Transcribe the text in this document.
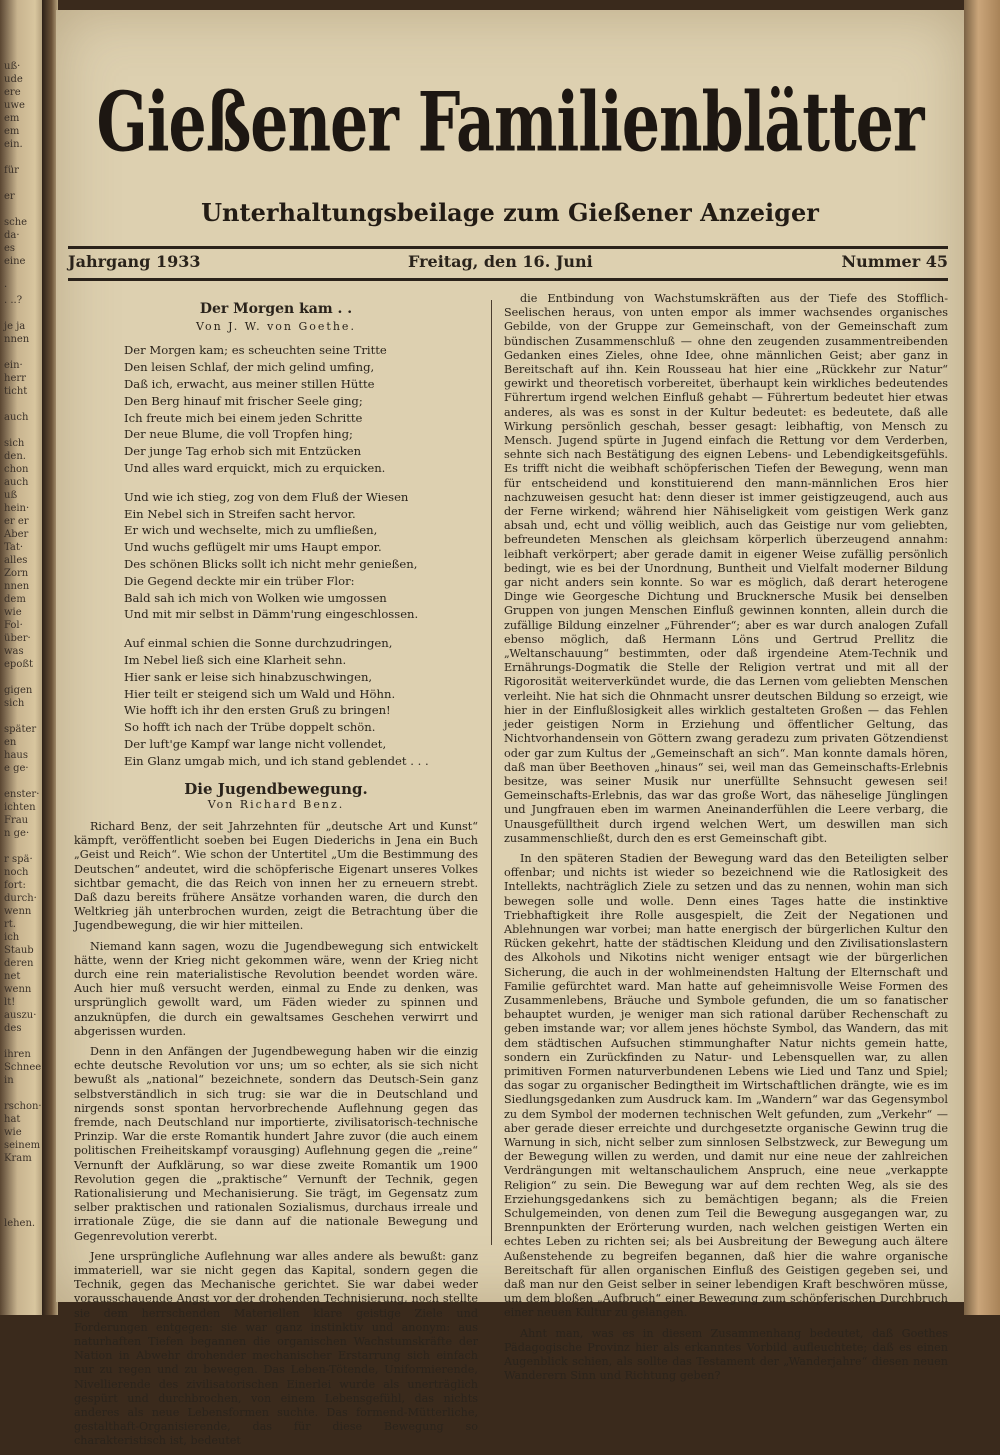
uß·
ude
ere
uwe
em
em
ein.

für

er

sche
da·
es
eine

·
. ..?

je ja
nnen

ein·
herr
ticht

auch

sich
den.
chon
auch
uß
hein·
er er
Aber
Tat·
alles
Zorn
nnen
dem
wie
Fol·
über·
was
epoßt

gigen
sich

später
en
haus
e ge·

enster·
ichten
Frau
n ge·

r spä·
noch
fort:
durch·
wenn
rt.
ich
Staub
deren
net
wenn
lt!
auszu·
des

ihren
Schnee
in

rschon·
hat
wie
seinem
Kram

lehen.
Gießener Familienblätter
Unterhaltungsbeilage zum Gießener Anzeiger
Jahrgang 1933	Freitag, den 16. Juni	Nummer 45
Der Morgen kam . .
Von J. W. von Goethe.
Der Morgen kam; es scheuchten seine Tritte
Den leisen Schlaf, der mich gelind umfing,
Daß ich, erwacht, aus meiner stillen Hütte
Den Berg hinauf mit frischer Seele ging;
Ich freute mich bei einem jeden Schritte
Der neue Blume, die voll Tropfen hing;
Der junge Tag erhob sich mit Entzücken
Und alles ward erquickt, mich zu erquicken.
Und wie ich stieg, zog von dem Fluß der Wiesen
Ein Nebel sich in Streifen sacht hervor.
Er wich und wechselte, mich zu umfließen,
Und wuchs geflügelt mir ums Haupt empor.
Des schönen Blicks sollt ich nicht mehr genießen,
Die Gegend deckte mir ein trüber Flor:
Bald sah ich mich von Wolken wie umgossen
Und mit mir selbst in Dämm'rung eingeschlossen.
Auf einmal schien die Sonne durchzudringen,
Im Nebel ließ sich eine Klarheit sehn.
Hier sank er leise sich hinabzuschwingen,
Hier teilt er steigend sich um Wald und Höhn.
Wie hofft ich ihr den ersten Gruß zu bringen!
So hofft ich nach der Trübe doppelt schön.
Der luft'ge Kampf war lange nicht vollendet,
Ein Glanz umgab mich, und ich stand geblendet . . .
Die Jugendbewegung.
Von Richard Benz.

Richard Benz, der seit Jahrzehnten für „deutsche Art und Kunst“ kämpft, veröffentlicht soeben bei Eugen Diederichs in Jena ein Buch „Geist und Reich“. Wie schon der Untertitel „Um die Bestimmung des Deutschen“ andeutet, wird die schöpferische Eigenart unseres Volkes sichtbar gemacht, die das Reich von innen her zu erneuern strebt. Daß dazu bereits frühere Ansätze vorhanden waren, die durch den Weltkrieg jäh unterbrochen wurden, zeigt die Betrachtung über die Jugendbewegung, die wir hier mitteilen.

Niemand kann sagen, wozu die Jugendbewegung sich entwickelt hätte, wenn der Krieg nicht gekommen wäre, wenn der Krieg nicht durch eine rein materialistische Revolution beendet worden wäre. Auch hier muß versucht werden, einmal zu Ende zu denken, was ursprünglich gewollt ward, um Fäden wieder zu spinnen und anzuknüpfen, die durch ein gewaltsames Geschehen verwirrt und abgerissen wurden.

Denn in den Anfängen der Jugendbewegung haben wir die einzig echte deutsche Revolution vor uns; um so echter, als sie sich nicht bewußt als „national“ bezeichnete, sondern das Deutsch-Sein ganz selbstverständlich in sich trug: sie war die in Deutschland und nirgends sonst spontan hervorbrechende Auflehnung gegen das fremde, nach Deutschland nur importierte, zivilisatorisch-technische Prinzip. War die erste Romantik hundert Jahre zuvor (die auch einem politischen Freiheitskampf vorausging) Auflehnung gegen die „reine“ Vernunft der Aufklärung, so war diese zweite Romantik um 1900 Revolution gegen die „praktische“ Vernunft der Technik, gegen Rationalisierung und Mechanisierung. Sie trägt, im Gegensatz zum selber praktischen und rationalen Sozialismus, durchaus irreale und irrationale Züge, die sie dann auf die nationale Bewegung und Gegenrevolution vererbt.

Jene ursprüngliche Auflehnung war alles andere als bewußt: ganz immateriell, war sie nicht gegen das Kapital, sondern gegen die Technik, gegen das Mechanische gerichtet. Sie war dabei weder vorausschauende Angst vor der drohenden Technisierung, noch stellte sie dem herrschenden Materiellen klare geistige Ziele und Forderungen entgegen: sie war ganz instinktiv und anonym: aus naturhaften Tiefen begannen die organischen Wachstumskräfte der Nation in Abwehr drohender mechanischer Erstarrung sich einfach nur zu regen und zu bewegen. Das Leben-Tötende, Uniformierende, Nivellierende des zivilisatorischen Einerlei wurde als unerträglich gespürt und durchbrochen, von einem Lebensgefühl, das nichts anderes als neue Lebensformen suchte. Das formend-Mütterliche, gestalthaft-Organisierende, das für diese Bewegung so charakteristisch ist, bedeutet

die Entbindung von Wachstumskräften aus der Tiefe des Stofflich-Seelischen heraus, von unten empor als immer wachsendes organisches Gebilde, von der Gruppe zur Gemeinschaft, von der Gemeinschaft zum bündischen Zusammenschluß — ohne den zeugenden zusammentreibenden Gedanken eines Zieles, ohne Idee, ohne männlichen Geist; aber ganz in Bereitschaft auf ihn. Kein Rousseau hat hier eine „Rückkehr zur Natur“ gewirkt und theoretisch vorbereitet, überhaupt kein wirkliches bedeutendes Führertum irgend welchen Einfluß gehabt — Führertum bedeutet hier etwas anderes, als was es sonst in der Kultur bedeutet: es bedeutete, daß alle Wirkung persönlich geschah, besser gesagt: leibhaftig, von Mensch zu Mensch. Jugend spürte in Jugend einfach die Rettung vor dem Verderben, sehnte sich nach Bestätigung des eignen Lebens- und Lebendigkeitsgefühls. Es trifft nicht die weibhaft schöpferischen Tiefen der Bewegung, wenn man für entscheidend und konstituierend den mann-männlichen Eros hier nachzuweisen gesucht hat: denn dieser ist immer geistigzeugend, auch aus der Ferne wirkend; während hier Nähiseligkeit vom geistigen Werk ganz absah und, echt und völlig weiblich, auch das Geistige nur vom geliebten, befreundeten Menschen als gleichsam körperlich überzeugend annahm: leibhaft verkörpert; aber gerade damit in eigener Weise zufällig persönlich bedingt, wie es bei der Unordnung, Buntheit und Vielfalt moderner Bildung gar nicht anders sein konnte. So war es möglich, daß derart heterogene Dinge wie Georgesche Dichtung und Brucknersche Musik bei denselben Gruppen von jungen Menschen Einfluß gewinnen konnten, allein durch die zufällige Bildung einzelner „Führender“; aber es war durch analogen Zufall ebenso möglich, daß Hermann Löns und Gertrud Prellitz die „Weltanschauung“ bestimmten, oder daß irgendeine Atem-Technik und Ernährungs-Dogmatik die Stelle der Religion vertrat und mit all der Rigorosität weiterverkündet wurde, die das Lernen vom geliebten Menschen verleiht. Nie hat sich die Ohnmacht unsrer deutschen Bildung so erzeigt, wie hier in der Einflußlosigkeit alles wirklich gestalteten Großen — das Fehlen jeder geistigen Norm in Erziehung und öffentlicher Geltung, das Nichtvorhandensein von Göttern zwang geradezu zum privaten Götzendienst oder gar zum Kultus der „Gemeinschaft an sich“. Man konnte damals hören, daß man über Beethoven „hinaus“ sei, weil man das Gemeinschafts-Erlebnis besitze, was seiner Musik nur unerfüllte Sehnsucht gewesen sei! Gemeinschafts-Erlebnis, das war das große Wort, das näheselige Jünglingen und Jungfrauen eben im warmen Aneinanderfühlen die Leere verbarg, die Unausgefülltheit durch irgend welchen Wert, um deswillen man sich zusammenschließt, durch den es erst Gemeinschaft gibt.

In den späteren Stadien der Bewegung ward das den Beteiligten selber offenbar; und nichts ist wieder so bezeichnend wie die Ratlosigkeit des Intellekts, nachträglich Ziele zu setzen und das zu nennen, wohin man sich bewegen solle und wolle. Denn eines Tages hatte die instinktive Triebhaftigkeit ihre Rolle ausgespielt, die Zeit der Negationen und Ablehnungen war vorbei; man hatte energisch der bürgerlichen Kultur den Rücken gekehrt, hatte der städtischen Kleidung und den Zivilisationslastern des Alkohols und Nikotins nicht weniger entsagt wie der bürgerlichen Sicherung, die auch in der wohlmeinendsten Haltung der Elternschaft und Familie gefürchtet ward. Man hatte auf geheimnisvolle Weise Formen des Zusammenlebens, Bräuche und Symbole gefunden, die um so fanatischer behauptet wurden, je weniger man sich rational darüber Rechenschaft zu geben imstande war; vor allem jenes höchste Symbol, das Wandern, das mit dem städtischen Aufsuchen stimmunghafter Natur nichts gemein hatte, sondern ein Zurückfinden zu Natur- und Lebensquellen war, zu allen primitiven Formen naturverbundenen Lebens wie Lied und Tanz und Spiel; das sogar zu organischer Bedingtheit im Wirtschaftlichen drängte, wie es im Siedlungsgedanken zum Ausdruck kam. Im „Wandern“ war das Gegensymbol zu dem Symbol der modernen technischen Welt gefunden, zum „Verkehr“ — aber gerade dieser erreichte und durchgesetzte organische Gewinn trug die Warnung in sich, nicht selber zum sinnlosen Selbstzweck, zur Bewegung um der Bewegung willen zu werden, und damit nur eine neue der zahlreichen Verdrängungen mit weltanschaulichem Anspruch, eine neue „verkappte Religion“ zu sein. Die Bewegung war auf dem rechten Weg, als sie des Erziehungsgedankens sich zu bemächtigen begann; als die Freien Schulgemeinden, von denen zum Teil die Bewegung ausgegangen war, zu Brennpunkten der Erörterung wurden, nach welchen geistigen Werten ein echtes Leben zu richten sei; als bei Ausbreitung der Bewegung auch ältere Außenstehende zu begreifen begannen, daß hier die wahre organische Bereitschaft für allen organischen Einfluß des Geistigen gegeben sei, und daß man nur den Geist selber in seiner lebendigen Kraft beschwören müsse, um dem bloßen „Aufbruch“ einer Bewegung zum schöpferischen Durchbruch einer neuen Kultur zu gelangen.

Ahnt man, was es in diesem Zusammenhang bedeutet, daß Goethes Pädagogische Provinz hier als erkanntes Vorbild aufleuchtete; daß es einen Augenblick schien, als sollte das Testament der „Wanderjahre“ diesen neuen Wanderern Sinn und Richtung geben?
